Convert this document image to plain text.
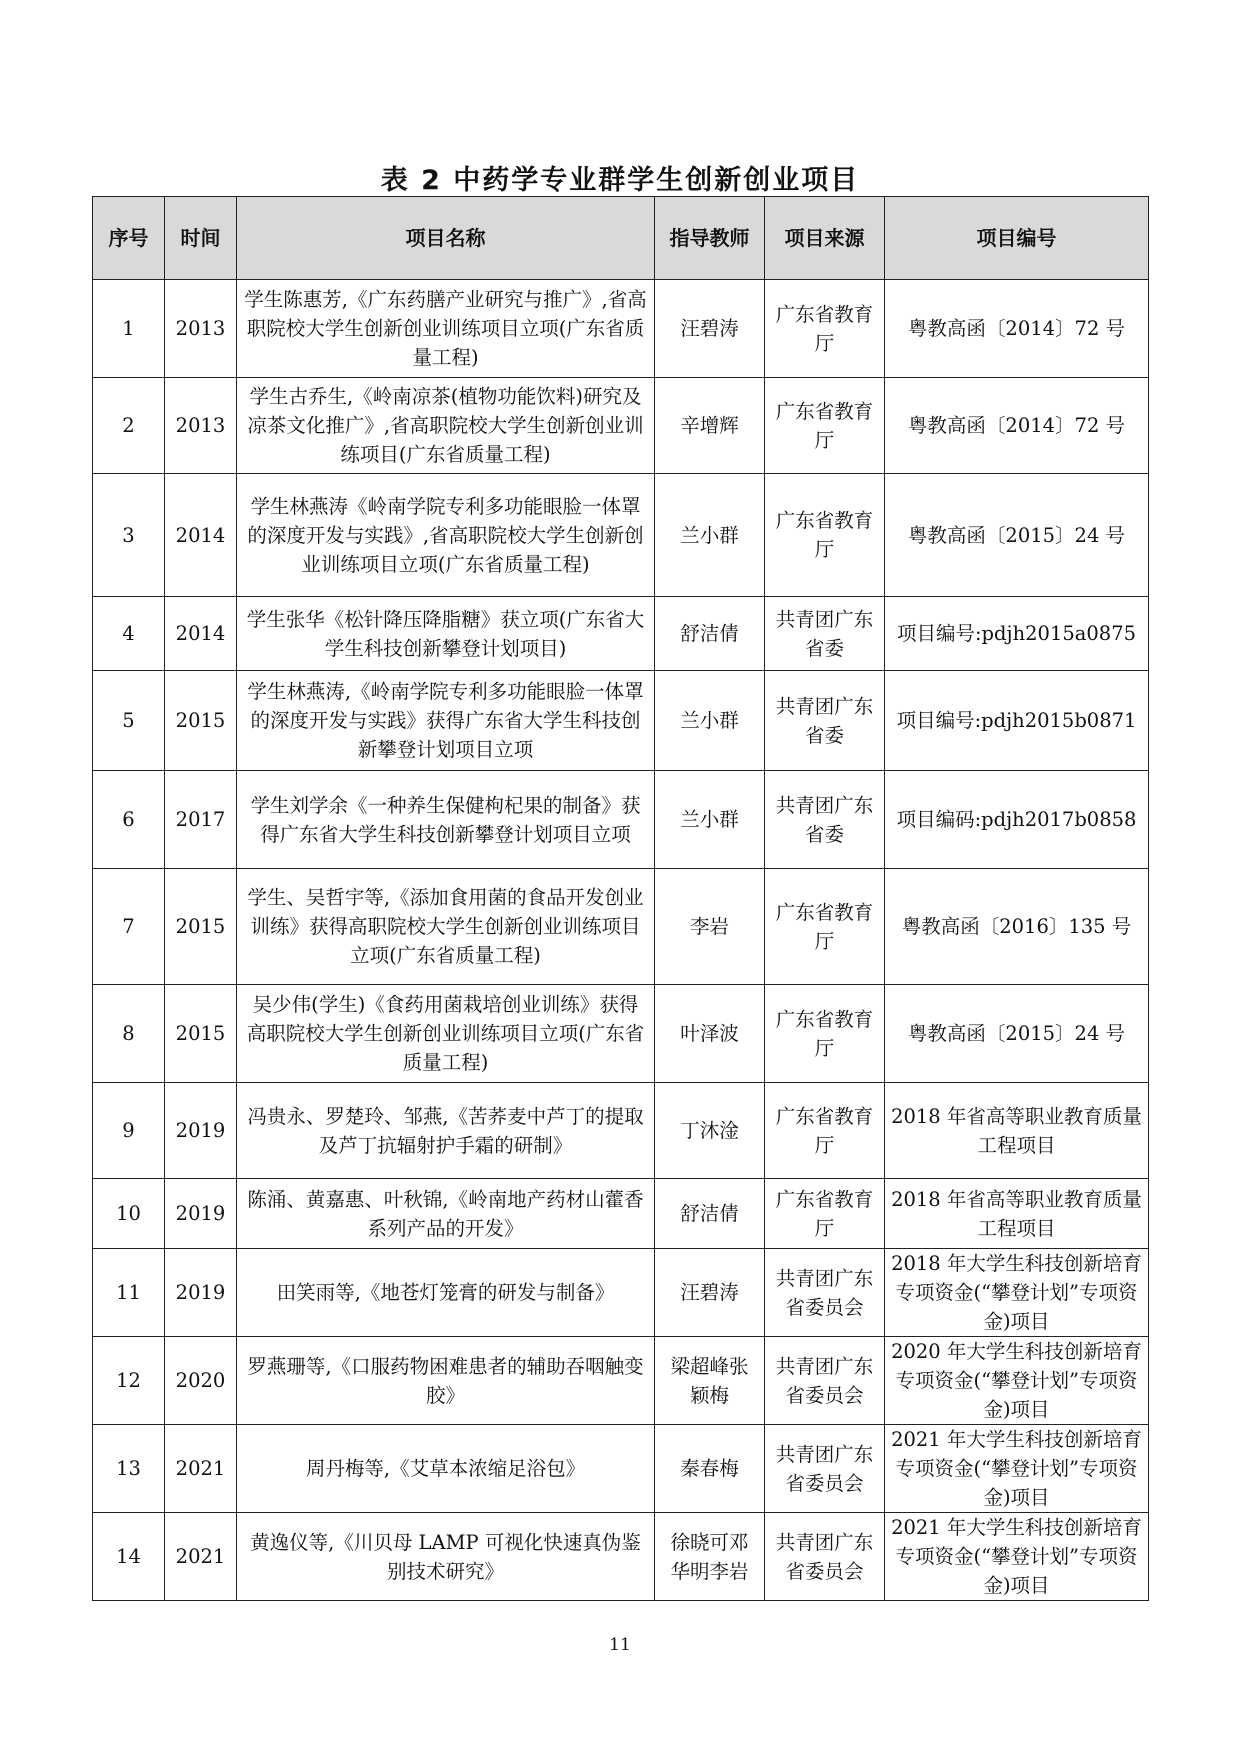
表 2 中药学专业群学生创新创业项目
序号	时间	项目名称	指导教师	项目来源	项目编号
1	2013	学生陈惠芳,《广东药膳产业研究与推广》,省高职院校大学生创新创业训练项目立项(广东省质量工程)	汪碧涛	广东省教育厅	粤教高函〔2014〕72 号
2	2013	学生古乔生,《岭南凉茶(植物功能饮料)研究及凉茶文化推广》,省高职院校大学生创新创业训练项目(广东省质量工程)	辛增辉	广东省教育厅	粤教高函〔2014〕72 号
3	2014	学生林燕涛《岭南学院专利多功能眼脸一体罩的深度开发与实践》,省高职院校大学生创新创业训练项目立项(广东省质量工程)	兰小群	广东省教育厅	粤教高函〔2015〕24 号
4	2014	学生张华《松针降压降脂糖》获立项(广东省大学生科技创新攀登计划项目)	舒洁倩	共青团广东省委	项目编号:pdjh2015a0875
5	2015	学生林燕涛,《岭南学院专利多功能眼脸一体罩的深度开发与实践》获得广东省大学生科技创新攀登计划项目立项	兰小群	共青团广东省委	项目编号:pdjh2015b0871
6	2017	学生刘学余《一种养生保健枸杞果的制备》获得广东省大学生科技创新攀登计划项目立项	兰小群	共青团广东省委	项目编码:pdjh2017b0858
7	2015	学生、吴哲宇等,《添加食用菌的食品开发创业训练》获得高职院校大学生创新创业训练项目立项(广东省质量工程)	李岩	广东省教育厅	粤教高函〔2016〕135 号
8	2015	吴少伟(学生)《食药用菌栽培创业训练》获得高职院校大学生创新创业训练项目立项(广东省质量工程)	叶泽波	广东省教育厅	粤教高函〔2015〕24 号
9	2019	冯贵永、罗楚玲、邹燕,《苦荞麦中芦丁的提取及芦丁抗辐射护手霜的研制》	丁沐淦	广东省教育厅	2018 年省高等职业教育质量工程项目
10	2019	陈涌、黄嘉惠、叶秋锦,《岭南地产药材山藿香系列产品的开发》	舒洁倩	广东省教育厅	2018 年省高等职业教育质量工程项目
11	2019	田笑雨等,《地苍灯笼膏的研发与制备》	汪碧涛	共青团广东省委员会	2018 年大学生科技创新培育专项资金(“攀登计划”专项资金)项目
12	2020	罗燕珊等,《口服药物困难患者的辅助吞咽触变胶》	梁超峰张颖梅	共青团广东省委员会	2020 年大学生科技创新培育专项资金(“攀登计划”专项资金)项目
13	2021	周丹梅等,《艾草本浓缩足浴包》	秦春梅	共青团广东省委员会	2021 年大学生科技创新培育专项资金(“攀登计划”专项资金)项目
14	2021	黄逸仪等,《川贝母 LAMP 可视化快速真伪鉴别技术研究》	徐晓可邓华明李岩	共青团广东省委员会	2021 年大学生科技创新培育专项资金(“攀登计划”专项资金)项目
11
